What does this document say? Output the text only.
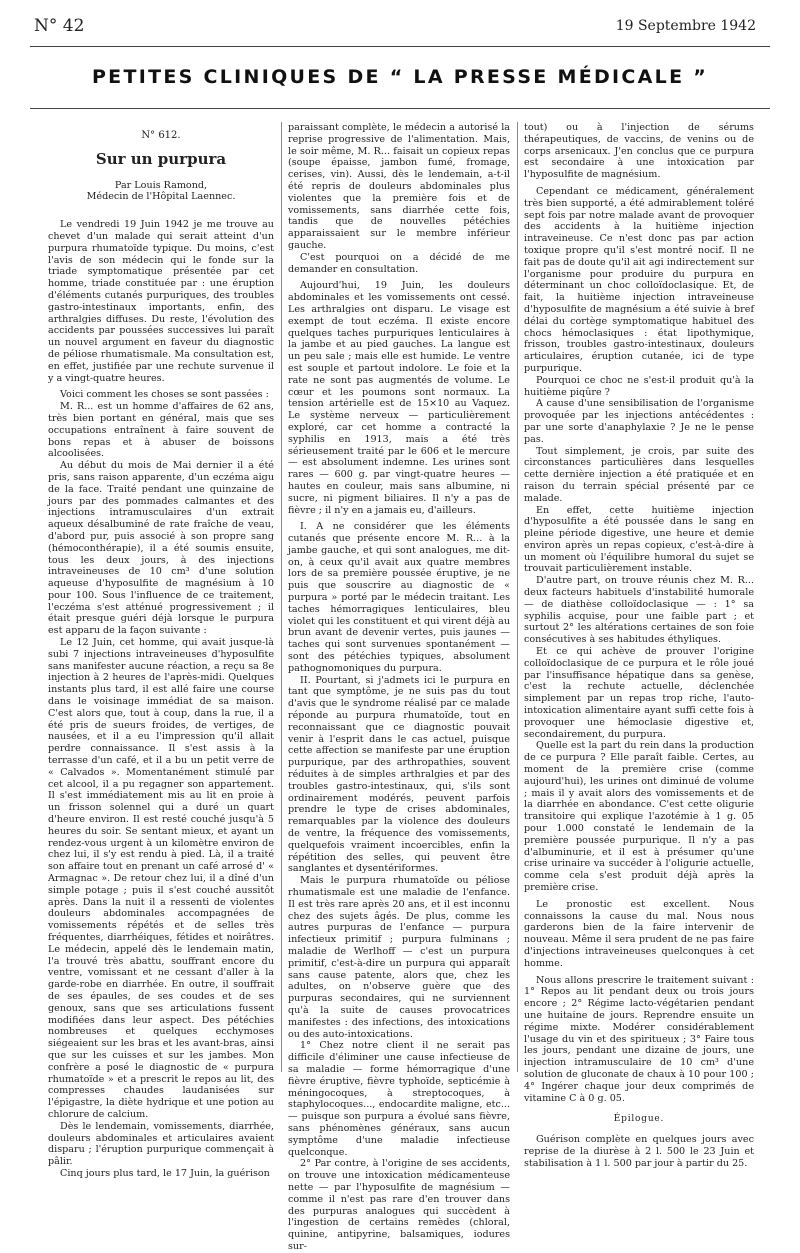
N° 42	19 Septembre 1942
PETITES CLINIQUES DE “ LA PRESSE MÉDICALE ”
N° 612.
Sur un purpura
Par Louis Ramond,
Médecin de l'Hôpital Laennec.

Le vendredi 19 Juin 1942 je me trouve au chevet d'un malade qui serait atteint d'un purpura rhumatoïde typique. Du moins, c'est l'avis de son médecin qui le fonde sur la triade symptomatique présentée par cet homme, triade constituée par : une éruption d'éléments cutanés purpuriques, des troubles gastro-intestinaux importants, enfin, des arthralgies diffuses. Du reste, l'évolution des accidents par poussées successives lui paraît un nouvel argument en faveur du diagnostic de péliose rhumatismale. Ma consultation est, en effet, justifiée par une rechute survenue il y a vingt-quatre heures.

Voici comment les choses se sont passées :

M. R... est un homme d'affaires de 62 ans, très bien portant en général, mais que ses occupations entraînent à faire souvent de bons repas et à abuser de boissons alcoolisées.

Au début du mois de Mai dernier il a été pris, sans raison apparente, d'un eczéma aigu de la face. Traité pendant une quinzaine de jours par des pommades calmantes et des injections intramusculaires d'un extrait aqueux désalbuminé de rate fraîche de veau, d'abord pur, puis associé à son propre sang (hémoconthérapie), il a été soumis ensuite, tous les deux jours, à des injections intraveineuses de 10 cm³ d'une solution aqueuse d'hyposulfite de magnésium à 10 pour 100. Sous l'influence de ce traitement, l'eczéma s'est atténué progressivement ; il était presque guéri déjà lorsque le purpura est apparu de la façon suivante :

Le 12 Juin, cet homme, qui avait jusque-là subi 7 injections intraveineuses d'hyposulfite sans manifester aucune réaction, a reçu sa 8e injection à 2 heures de l'après-midi. Quelques instants plus tard, il est allé faire une course dans le voisinage immédiat de sa maison. C'est alors que, tout à coup, dans la rue, il a été pris de sueurs froides, de vertiges, de nausées, et il a eu l'impression qu'il allait perdre connaissance. Il s'est assis à la terrasse d'un café, et il a bu un petit verre de « Calvados ». Momentanément stimulé par cet alcool, il a pu regagner son appartement. Il s'est immédiatement mis au lit en proie à un frisson solennel qui a duré un quart d'heure environ. Il est resté couché jusqu'à 5 heures du soir. Se sentant mieux, et ayant un rendez-vous urgent à un kilomètre environ de chez lui, il s'y est rendu à pied. Là, il a traité son affaire tout en prenant un café arrosé d' « Armagnac ». De retour chez lui, il a dîné d'un simple potage ; puis il s'est couché aussitôt après. Dans la nuit il a ressenti de violentes douleurs abdominales accompagnées de vomissements répétés et de selles très fréquentes, diarrhéiques, fétides et noirâtres. Le médecin, appelé dès le lendemain matin, l'a trouvé très abattu, souffrant encore du ventre, vomissant et ne cessant d'aller à la garde-robe en diarrhée. En outre, il souffrait de ses épaules, de ses coudes et de ses genoux, sans que ses articulations fussent modifiées dans leur aspect. Des pétéchies nombreuses et quelques ecchymoses siégeaient sur les bras et les avant-bras, ainsi que sur les cuisses et sur les jambes. Mon confrère a posé le diagnostic de « purpura rhumatoïde » et a prescrit le repos au lit, des compresses chaudes laudanisées sur l'épigastre, la diète hydrique et une potion au chlorure de calcium.

Dès le lendemain, vomissements, diarrhée, douleurs abdominales et articulaires avaient disparu ; l'éruption purpurique commençait à pâlir.

Cinq jours plus tard, le 17 Juin, la guérison

paraissant complète, le médecin a autorisé la reprise progressive de l'alimentation. Mais, le soir même, M. R... faisait un copieux repas (soupe épaisse, jambon fumé, fromage, cerises, vin). Aussi, dès le lendemain, a-t-il été repris de douleurs abdominales plus violentes que la première fois et de vomissements, sans diarrhée cette fois, tandis que de nouvelles pétéchies apparaissaient sur le membre inférieur gauche.

C'est pourquoi on a décidé de me demander en consultation.

Aujourd'hui, 19 Juin, les douleurs abdominales et les vomissements ont cessé. Les arthralgies ont disparu. Le visage est exempt de tout eczéma. Il existe encore quelques taches purpuriques lenticulaires à la jambe et au pied gauches. La langue est un peu sale ; mais elle est humide. Le ventre est souple et partout indolore. Le foie et la rate ne sont pas augmentés de volume. Le cœur et les poumons sont normaux. La tension artérielle est de 15×10 au Vaquez. Le système nerveux — particulièrement exploré, car cet homme a contracté la syphilis en 1913, mais a été très sérieusement traité par le 606 et le mercure — est absolument indemne. Les urines sont rares — 600 g. par vingt-quatre heures — hautes en couleur, mais sans albumine, ni sucre, ni pigment biliaires. Il n'y a pas de fièvre ; il n'y en a jamais eu, d'ailleurs.

I. A ne considérer que les éléments cutanés que présente encore M. R... à la jambe gauche, et qui sont analogues, me dit-on, à ceux qu'il avait aux quatre membres lors de sa première poussée éruptive, je ne puis que souscrire au diagnostic de « purpura » porté par le médecin traitant. Les taches hémorragiques lenticulaires, bleu violet qui les constituent et qui virent déjà au brun avant de devenir vertes, puis jaunes — taches qui sont survenues spontanément — sont des pétéchies typiques, absolument pathognomoniques du purpura.

II. Pourtant, si j'admets ici le purpura en tant que symptôme, je ne suis pas du tout d'avis que le syndrome réalisé par ce malade réponde au purpura rhumatoïde, tout en reconnaissant que ce diagnostic pouvait venir à l'esprit dans le cas actuel, puisque cette affection se manifeste par une éruption purpurique, par des arthropathies, souvent réduites à de simples arthralgies et par des troubles gastro-intestinaux, qui, s'ils sont ordinairement modérés, peuvent parfois prendre le type de crises abdominales, remarquables par la violence des douleurs de ventre, la fréquence des vomissements, quelquefois vraiment incoercibles, enfin la répétition des selles, qui peuvent être sanglantes et dysentériformes.

Mais le purpura rhumatoïde ou péliose rhumatismale est une maladie de l'enfance. Il est très rare après 20 ans, et il est inconnu chez des sujets âgés. De plus, comme les autres purpuras de l'enfance — purpura infectieux primitif ; purpura fulminans ; maladie de Werlhoff — c'est un purpura primitif, c'est-à-dire un purpura qui apparaît sans cause patente, alors que, chez les adultes, on n'observe guère que des purpuras secondaires, qui ne surviennent qu'à la suite de causes provocatrices manifestes : des infections, des intoxications ou des auto-intoxications.

1° Chez notre client il ne serait pas difficile d'éliminer une cause infectieuse de sa maladie — forme hémorragique d'une fièvre éruptive, fièvre typhoïde, septicémie à méningocoques, à streptocoques, à staphylocoques..., endocardite maligne, etc... — puisque son purpura a évolué sans fièvre, sans phénomènes généraux, sans aucun symptôme d'une maladie infectieuse quelconque.

2° Par contre, à l'origine de ses accidents, on trouve une intoxication médicamenteuse nette — par l'hyposulfite de magnésium — comme il n'est pas rare d'en trouver dans des purpuras analogues qui succèdent à l'ingestion de certains remèdes (chloral, quinine, antipyrine, balsamiques, iodures sur-

tout) ou à l'injection de sérums thérapeutiques, de vaccins, de venins ou de corps arsenicaux. J'en conclus que ce purpura est secondaire à une intoxication par l'hyposulfite de magnésium.

Cependant ce médicament, généralement très bien supporté, a été admirablement toléré sept fois par notre malade avant de provoquer des accidents à la huitième injection intraveineuse. Ce n'est donc pas par action toxique propre qu'il s'est montré nocif. Il ne fait pas de doute qu'il ait agi indirectement sur l'organisme pour produire du purpura en déterminant un choc colloïdoclasique. Et, de fait, la huitième injection intraveineuse d'hyposulfite de magnésium a été suivie à bref délai du cortège symptomatique habituel des chocs hémoclasiques : état lipothymique, frisson, troubles gastro-intestinaux, douleurs articulaires, éruption cutanée, ici de type purpurique.

Pourquoi ce choc ne s'est-il produit qu'à la huitième piqûre ?

A cause d'une sensibilisation de l'organisme provoquée par les injections antécédentes : par une sorte d'anaphylaxie ? Je ne le pense pas.

Tout simplement, je crois, par suite des circonstances particulières dans lesquelles cette dernière injection a été pratiquée et en raison du terrain spécial présenté par ce malade.

En effet, cette huitième injection d'hyposulfite a été poussée dans le sang en pleine période digestive, une heure et demie environ après un repas copieux, c'est-à-dire à un moment où l'équilibre humoral du sujet se trouvait particulièrement instable.

D'autre part, on trouve réunis chez M. R... deux facteurs habituels d'instabilité humorale — de diathèse colloïdoclasique — : 1° sa syphilis acquise, pour une faible part ; et surtout 2° les altérations certaines de son foie consécutives à ses habitudes éthyliques.

Et ce qui achève de prouver l'origine colloïdoclasique de ce purpura et le rôle joué par l'insuffisance hépatique dans sa genèse, c'est la rechute actuelle, déclenchée simplement par un repas trop riche, l'auto-intoxication alimentaire ayant suffi cette fois à provoquer une hémoclasie digestive et, secondairement, du purpura.

Quelle est la part du rein dans la production de ce purpura ? Elle paraît faible. Certes, au moment de la première crise (comme aujourd'hui), les urines ont diminué de volume ; mais il y avait alors des vomissements et de la diarrhée en abondance. C'est cette oligurie transitoire qui explique l'azotémie à 1 g. 05 pour 1.000 constaté le lendemain de la première poussée purpurique. Il n'y a pas d'albuminurie, et il est à présumer qu'une crise urinaire va succéder à l'oligurie actuelle, comme cela s'est produit déjà après la première crise.

Le pronostic est excellent. Nous connaissons la cause du mal. Nous nous garderons bien de la faire intervenir de nouveau. Même il sera prudent de ne pas faire d'injections intraveineuses quelconques à cet homme.

Nous allons prescrire le traitement suivant : 1° Repos au lit pendant deux ou trois jours encore ; 2° Régime lacto-végétarien pendant une huitaine de jours. Reprendre ensuite un régime mixte. Modérer considérablement l'usage du vin et des spiritueux ; 3° Faire tous les jours, pendant une dizaine de jours, une injection intramusculaire de 10 cm³ d'une solution de gluconate de chaux à 10 pour 100 ; 4° Ingérer chaque jour deux comprimés de vitamine C à 0 g. 05.

Épilogue.

Guérison complète en quelques jours avec reprise de la diurèse à 2 l. 500 le 23 Juin et stabilisation à 1 l. 500 par jour à partir du 25.
